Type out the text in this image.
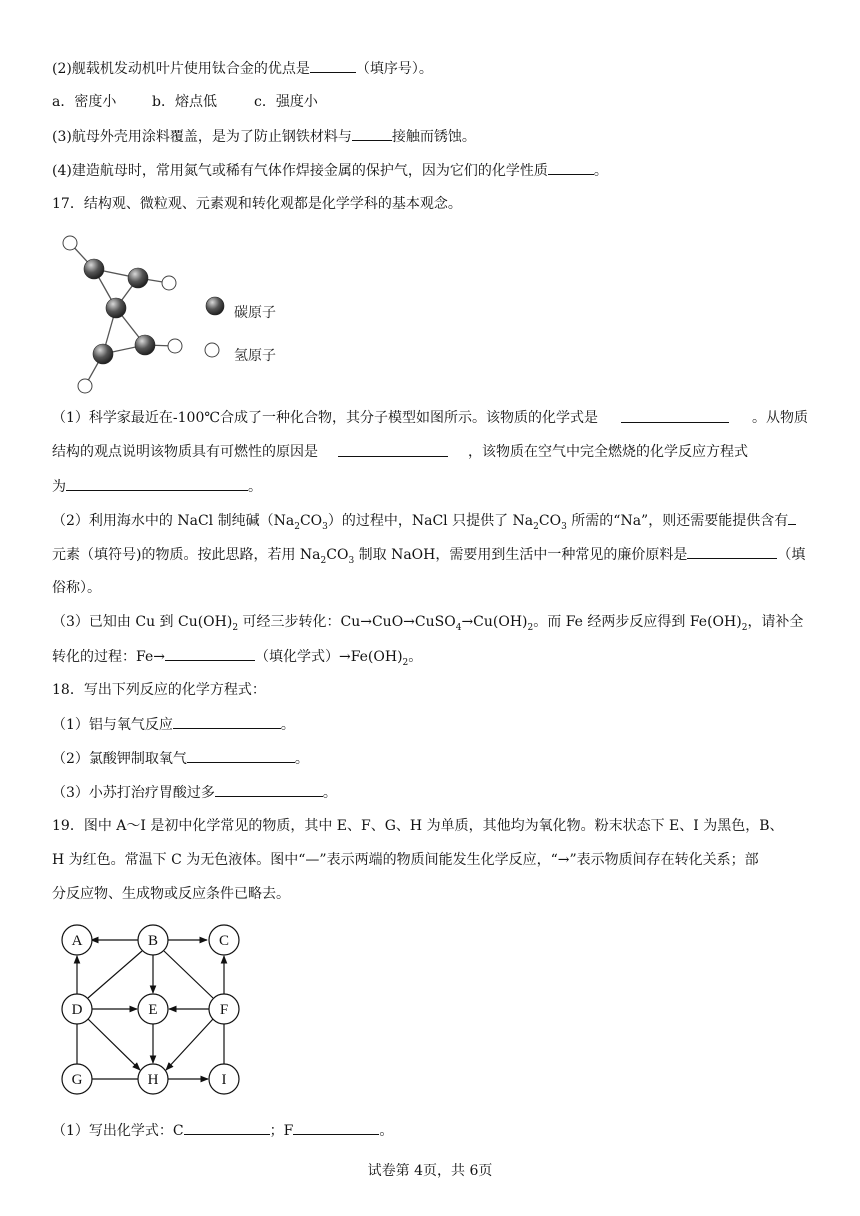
(2)舰载机发动机叶片使用钛合金的优点是	（填序号）。
a．密度小	b．熔点低	c．强度小
(3)航母外壳用涂料覆盖，是为了防止钢铁材料与	接触而锈蚀。
(4)建造航母时，常用氮气或稀有气体作焊接金属的保护气，因为它们的化学性质	。
17．结构观、微粒观、元素观和转化观都是化学学科的基本观念。
碳原子
氢原子
（1）科学家最近在-100℃合成了一种化合物，其分子模型如图所示。该物质的化学式是	。从物质
结构的观点说明该物质具有可燃性的原因是	，该物质在空气中完全燃烧的化学反应方程式
为	。
（2）利用海水中的 NaCl 制纯碱$(Na_2CO_3)$的过程中，NaCl 只提供了 $Na_2CO_3$ 所需的“Na”，则还需要能提供含有
元素（填符号)的物质。按此思路，若用 $Na_2CO_3$ 制取 NaOH，需要用到生活中一种常见的廉价原料是	（填
俗称）。
（3）已知由 Cu 到 $Cu(OH)_2$ 可经三步转化：$Cu\to CuO\to CuSO_4\to Cu(OH)_2$。而 Fe 经两步反应得到 $Fe(OH)_2$，请补全
转化的过程：Fe→	（填化学式）$\to Fe(OH)_2$。
18．写出下列反应的化学方程式：
（1）铝与氧气反应	。
（2）氯酸钾制取氧气	。
（3）小苏打治疗胃酸过多	。
19．图中 A～I 是初中化学常见的物质，其中 E、F、G、H 为单质，其他均为氧化物。粉末状态下 E、I 为黑色，B、
H 为红色。常温下 C 为无色液体。图中“—”表示两端的物质间能发生化学反应，“→”表示物质间存在转化关系；部
分反应物、生成物或反应条件已略去。
A	B	C
D	E	F
G	H	I
（1）写出化学式：C	；F	。
试卷第 4页，共 6页
